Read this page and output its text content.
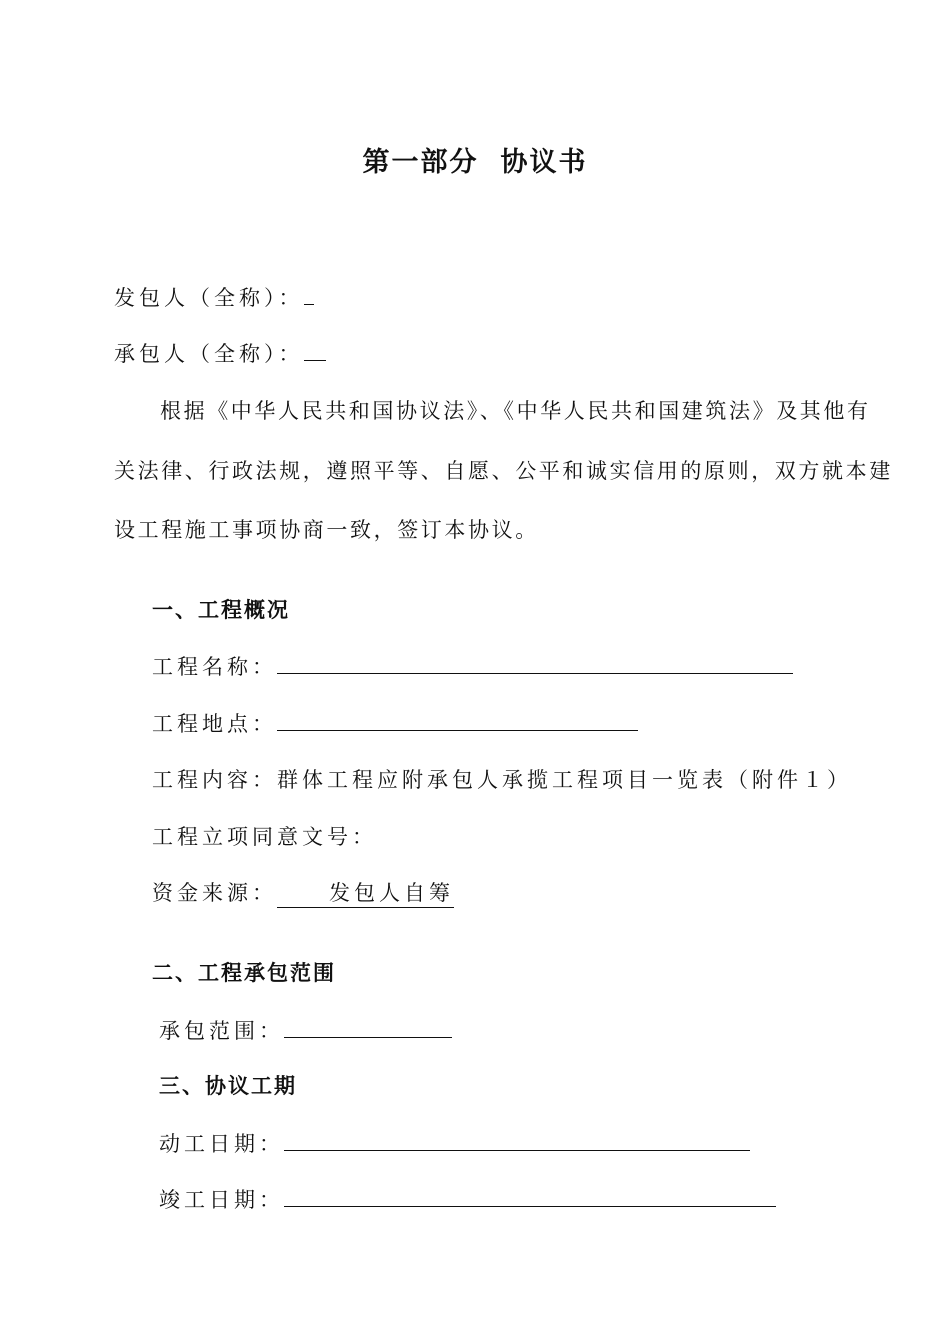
第一部分 协议书
发包人（全称）：
承包人（全称）：
根据《中华人民共和国协议法》、《中华人民共和国建筑法》及其他有
关法律、行政法规，遵照平等、自愿、公平和诚实信用的原则，双方就本建
设工程施工事项协商一致，签订本协议。
一、工程概况
工程名称：
工程地点：
工程内容：群体工程应附承包人承揽工程项目一览表（附件１）
工程立项同意文号：
资金来源： 发包人自筹
二、工程承包范围
承包范围：
三、协议工期
动工日期：
竣工日期：
